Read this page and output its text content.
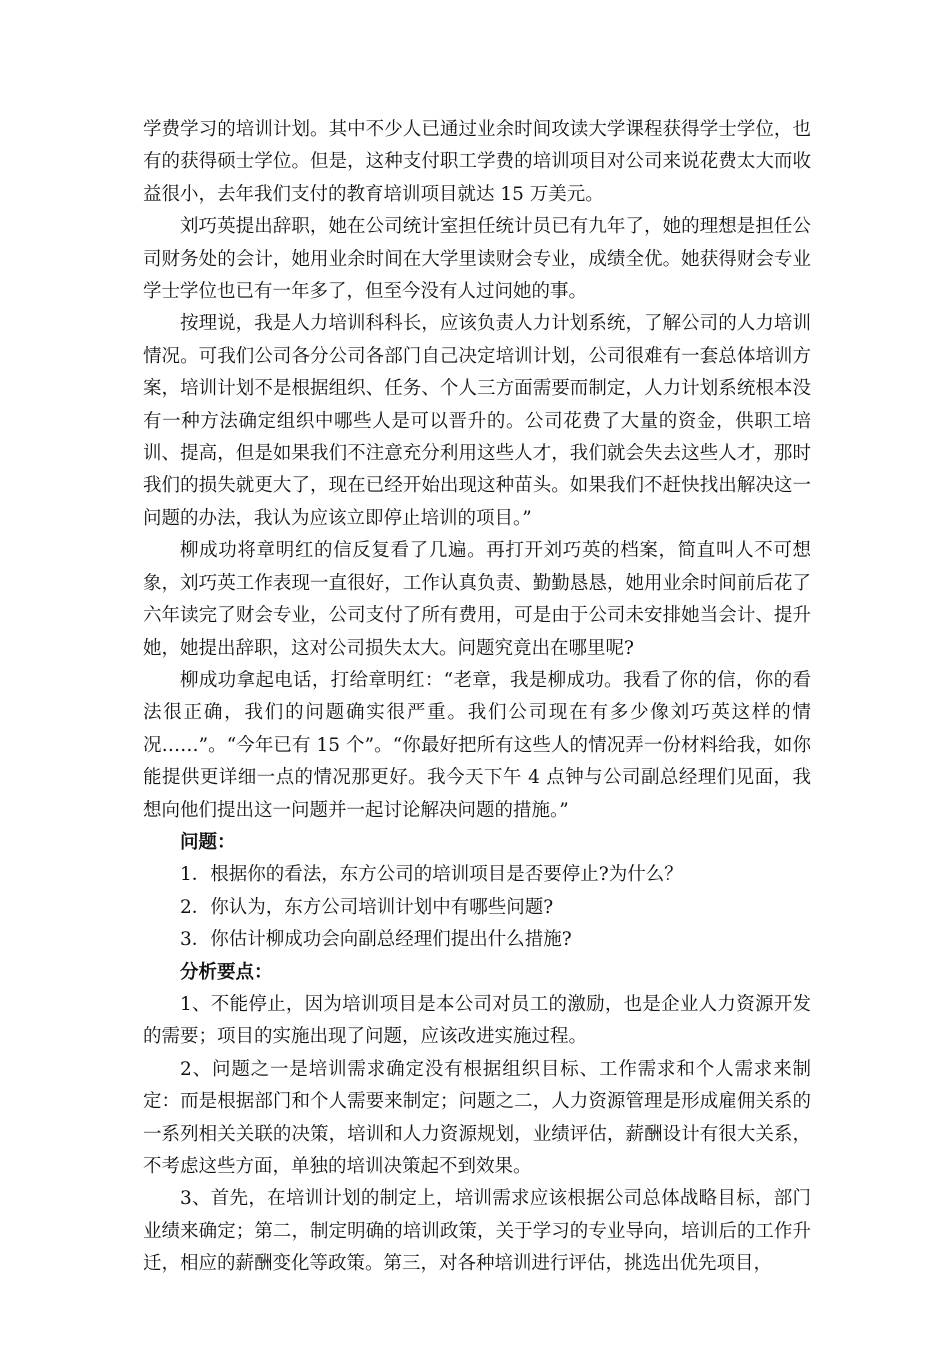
学费学习的培训计划。其中不少人已通过业余时间攻读大学课程获得学士学位，也有的获得硕士学位。但是，这种支付职工学费的培训项目对公司来说花费太大而收益很小，去年我们支付的教育培训项目就达 15 万美元。

刘巧英提出辞职，她在公司统计室担任统计员已有九年了，她的理想是担任公司财务处的会计，她用业余时间在大学里读财会专业，成绩全优。她获得财会专业学士学位也已有一年多了，但至今没有人过问她的事。

按理说，我是人力培训科科长，应该负责人力计划系统，了解公司的人力培训情况。可我们公司各分公司各部门自己决定培训计划，公司很难有一套总体培训方案，培训计划不是根据组织、任务、个人三方面需要而制定，人力计划系统根本没有一种方法确定组织中哪些人是可以晋升的。公司花费了大量的资金，供职工培训、提高，但是如果我们不注意充分利用这些人才，我们就会失去这些人才，那时我们的损失就更大了，现在已经开始出现这种苗头。如果我们不赶快找出解决这一问题的办法，我认为应该立即停止培训的项目。”

柳成功将章明红的信反复看了几遍。再打开刘巧英的档案，简直叫人不可想象，刘巧英工作表现一直很好，工作认真负责、勤勤恳恳，她用业余时间前后花了六年读完了财会专业，公司支付了所有费用，可是由于公司未安排她当会计、提升她，她提出辞职，这对公司损失太大。问题究竟出在哪里呢?

柳成功拿起电话，打给章明红：“老章，我是柳成功。我看了你的信，你的看法很正确，我们的问题确实很严重。我们公司现在有多少像刘巧英这样的情况……”。“今年已有 15 个”。“你最好把所有这些人的情况弄一份材料给我，如你能提供更详细一点的情况那更好。我今天下午 4 点钟与公司副总经理们见面，我想向他们提出这一问题并一起讨论解决问题的措施。”

问题：

1．根据你的看法，东方公司的培训项目是否要停止?为什么？

2．你认为，东方公司培训计划中有哪些问题?

3．你估计柳成功会向副总经理们提出什么措施?

分析要点：

1、不能停止，因为培训项目是本公司对员工的激励，也是企业人力资源开发的需要；项目的实施出现了问题，应该改进实施过程。

2、问题之一是培训需求确定没有根据组织目标、工作需求和个人需求来制定：而是根据部门和个人需要来制定；问题之二，人力资源管理是形成雇佣关系的一系列相关关联的决策，培训和人力资源规划，业绩评估，薪酬设计有很大关系，不考虑这些方面，单独的培训决策起不到效果。

3、首先，在培训计划的制定上，培训需求应该根据公司总体战略目标，部门业绩来确定；第二，制定明确的培训政策，关于学习的专业导向，培训后的工作升迁，相应的薪酬变化等政策。第三，对各种培训进行评估，挑选出优先项目，
